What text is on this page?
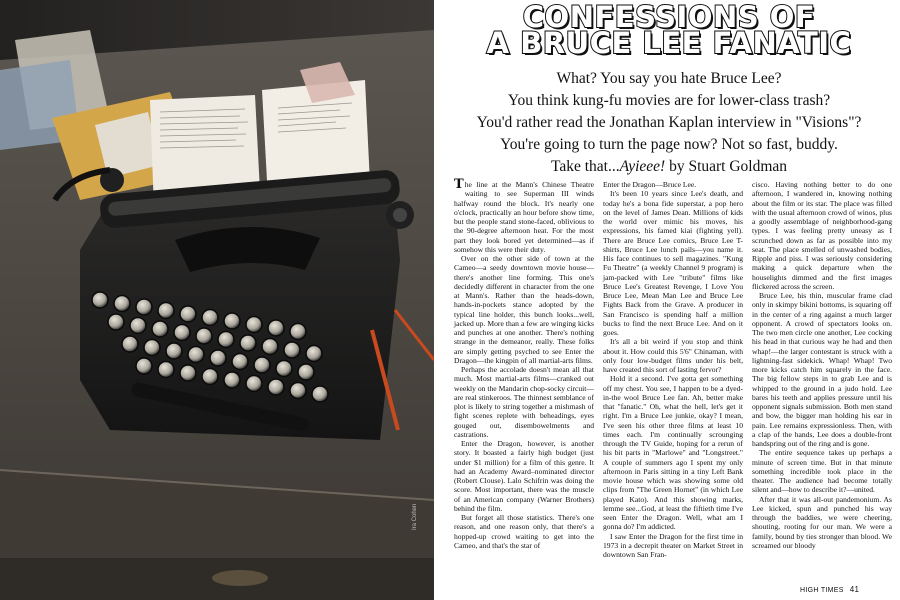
Ira Cohen
CONFESSIONS OF
A BRUCE LEE FANATIC

What? You say you hate Bruce Lee?

You think kung-fu movies are for lower-class trash?

You'd rather read the Jonathan Kaplan interview in "Visions"?

You're going to turn the page now? Not so fast, buddy.

Take that...Ayieee! by Stuart Goldman

The line at the Mann's Chinese Theatre waiting to see Superman III winds halfway round the block. It's nearly one o'clock, practically an hour before show time, but the people stand stone-faced, oblivious to the 90-degree afternoon heat. For the most part they look bored yet determined—as if somehow this were their duty.

Over on the other side of town at the Cameo—a seedy downtown movie house—there's another line forming. This one's decidedly different in character from the one at Mann's. Rather than the heads-down, hands-in-pockets stance adopted by the typical line holder, this bunch looks...well, jacked up. More than a few are winging kicks and punches at one another. There's nothing strange in the demeanor, really. These folks are simply getting psyched to see Enter the Dragon—the kingpin of all martial-arts films.

Perhaps the accolade doesn't mean all that much. Most martial-arts films—cranked out weekly on the Mandarin chop-socky circuit—are real stinkeroos. The thinnest semblance of plot is likely to string together a mishmash of fight scenes replete with beheadings, eyes gouged out, disembowelments and castrations.

Enter the Dragon, however, is another story. It boasted a fairly high budget (just under $1 million) for a film of this genre. It had an Academy Award–nominated director (Robert Clouse). Lalo Schifrin was doing the score. Most important, there was the muscle of an American company (Warner Brothers) behind the film.

But forget all those statistics. There's one reason, and one reason only, that there's a hopped-up crowd waiting to get into the Cameo, and that's the star of

Enter the Dragon—Bruce Lee.

It's been 10 years since Lee's death, and today he's a bona fide superstar, a pop hero on the level of James Dean. Millions of kids the world over mimic his moves, his expressions, his famed kiai (fighting yell). There are Bruce Lee comics, Bruce Lee T-shirts, Bruce Lee lunch pails—you name it. His face continues to sell magazines. "Kung Fu Theatre" (a weekly Channel 9 program) is jam-packed with Lee "tribute" films like Bruce Lee's Greatest Revenge, I Love You Bruce Lee, Mean Man Lee and Bruce Lee Fights Back from the Grave. A producer in San Francisco is spending half a million bucks to find the next Bruce Lee. And on it goes.

It's all a bit weird if you stop and think about it. How could this 5'6" Chinaman, with only four low-budget films under his belt, have created this sort of lasting fervor?

Hold it a second. I've gotta get something off my chest. You see, I happen to be a dyed-in-the wool Bruce Lee fan. Ah, better make that "fanatic." Oh, what the hell, let's get it right. I'm a Bruce Lee junkie, okay? I mean, I've seen his other three films at least 10 times each. I'm continually scrounging through the TV Guide, hoping for a rerun of his bit parts in "Marlowe" and "Longstreet." A couple of summers ago I spent my only afternoon in Paris sitting in a tiny Left Bank movie house which was showing some old clips from "The Green Hornet" (in which Lee played Kato). And this showing marks, lemme see...God, at least the fiftieth time I've seen Enter the Dragon. Well, what am I gonna do? I'm addicted.

I saw Enter the Dragon for the first time in 1973 in a decrepit theater on Market Street in downtown San Fran-

cisco. Having nothing better to do one afternoon, I wandered in, knowing nothing about the film or its star. The place was filled with the usual afternoon crowd of winos, plus a goodly assemblage of neighborhood-gang types. I was feeling pretty uneasy as I scrunched down as far as possible into my seat. The place smelled of unwashed bodies, Ripple and piss. I was seriously considering making a quick departure when the houselights dimmed and the first images flickered across the screen.

Bruce Lee, his thin, muscular frame clad only in skimpy bikini bottoms, is squaring off in the center of a ring against a much larger opponent. A crowd of spectators looks on. The two men circle one another, Lee cocking his head in that curious way he had and then whap!—the larger contestant is struck with a lightning-fast sidekick. Whap! Whap! Two more kicks catch him squarely in the face. The big fellow steps in to grab Lee and is whipped to the ground in a judo hold. Lee bares his teeth and applies pressure until his opponent signals submission. Both men stand and bow, the bigger man holding his ear in pain. Lee remains expressionless. Then, with a clap of the hands, Lee does a double-front handspring out of the ring and is gone.

The entire sequence takes up perhaps a minute of screen time. But in that minute something incredible took place in the theater. The audience had become totally silent and—how to describe it?—united.

After that it was all-out pandemonium. As Lee kicked, spun and punched his way through the baddies, we were cheering, shouting, rooting for our man. We were a family, bound by ties stronger than blood. We screamed our bloody

HIGH TIMES 41
